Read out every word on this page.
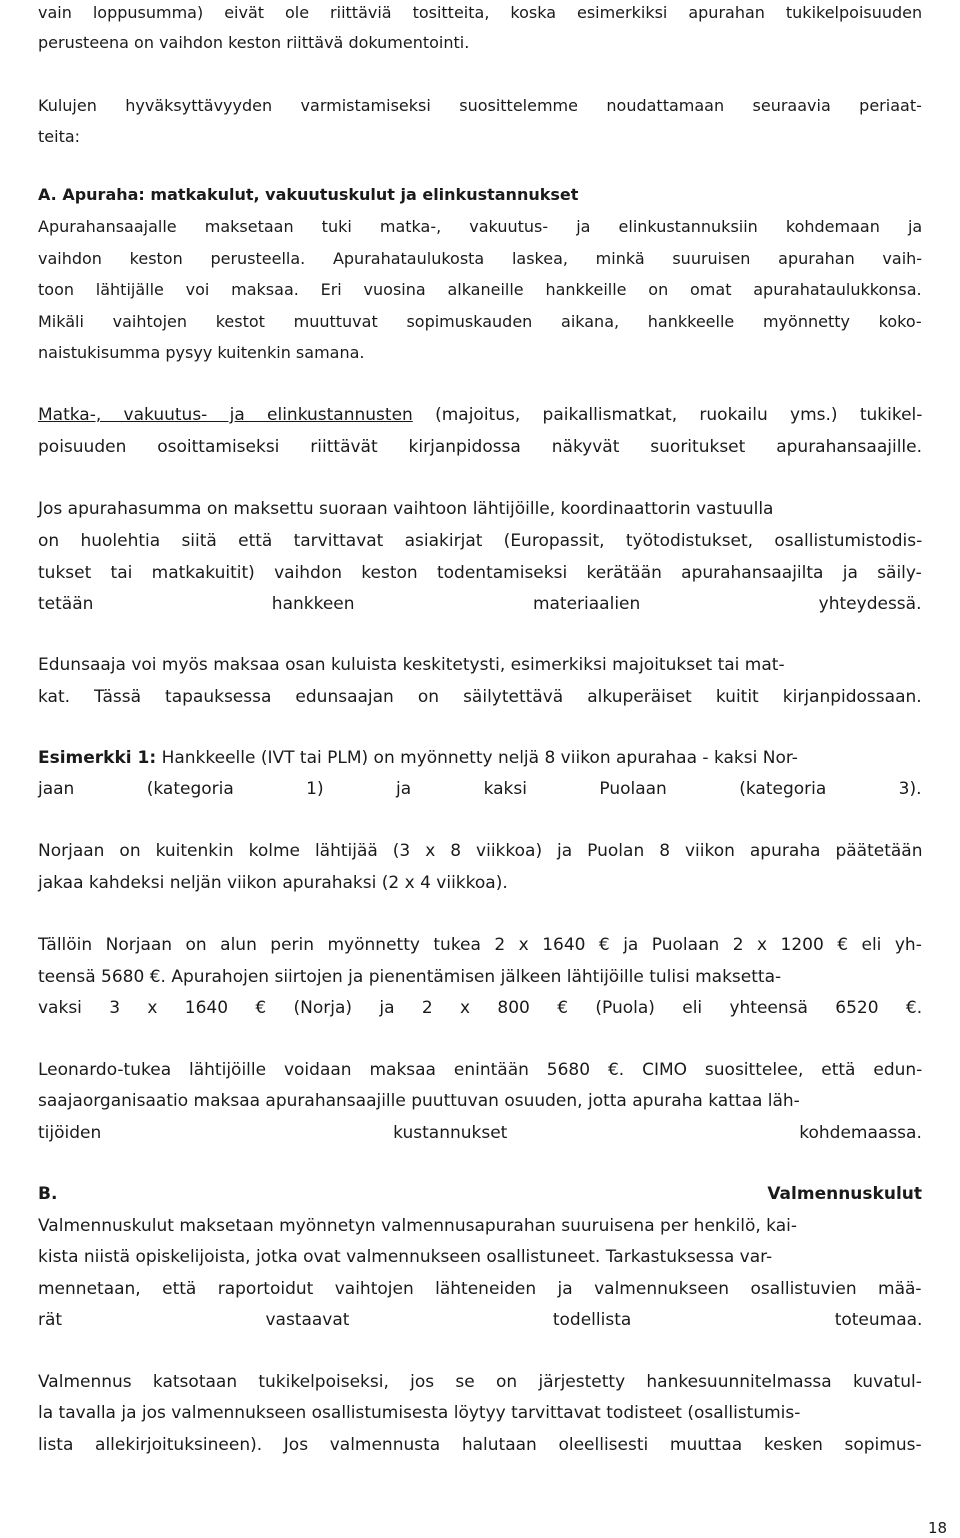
vain loppusumma) eivät ole riittäviä tositteita, koska esimerkiksi apurahan tukikelpoisuuden
perusteena on vaihdon keston riittävä dokumentointi.
Kulujen hyväksyttävyyden varmistamiseksi suosittelemme noudattamaan seuraavia periaat-
teita:
A. Apuraha: matkakulut, vakuutuskulut ja elinkustannukset
Apurahansaajalle maksetaan tuki matka-, vakuutus- ja elinkustannuksiin kohdemaan ja
vaihdon keston perusteella. Apurahataulukosta laskea, minkä suuruisen apurahan vaih-
toon lähtijälle voi maksaa. Eri vuosina alkaneille hankkeille on omat apurahataulukkonsa.
Mikäli vaihtojen kestot muuttuvat sopimuskauden aikana, hankkeelle myönnetty koko-
naistukisumma pysyy kuitenkin samana.
Matka-, vakuutus- ja elinkustannusten (majoitus, paikallismatkat, ruokailu yms.) tukikel-
poisuuden osoittamiseksi riittävät kirjanpidossa näkyvät suoritukset apurahansaajille.
Jos apurahasumma on maksettu suoraan vaihtoon lähtijöille, koordinaattorin vastuulla
on huolehtia siitä että tarvittavat asiakirjat (Europassit, työtodistukset, osallistumistodis-
tukset tai matkakuitit) vaihdon keston todentamiseksi kerätään apurahansaajilta ja säily-
tetään hankkeen materiaalien yhteydessä.
Edunsaaja voi myös maksaa osan kuluista keskitetysti, esimerkiksi majoitukset tai mat-
kat. Tässä tapauksessa edunsaajan on säilytettävä alkuperäiset kuitit kirjanpidossaan.
Esimerkki 1: Hankkeelle (IVT tai PLM) on myönnetty neljä 8 viikon apurahaa - kaksi Nor-
jaan (kategoria 1) ja kaksi Puolaan (kategoria 3).
Norjaan on kuitenkin kolme lähtijää (3 x 8 viikkoa) ja Puolan 8 viikon apuraha päätetään
jakaa kahdeksi neljän viikon apurahaksi (2 x 4 viikkoa).
Tällöin Norjaan on alun perin myönnetty tukea 2 x 1640 € ja Puolaan 2 x 1200 € eli yh-
teensä 5680 €. Apurahojen siirtojen ja pienentämisen jälkeen lähtijöille tulisi maksetta-
vaksi 3 x 1640 € (Norja) ja 2 x 800 € (Puola) eli yhteensä 6520 €.
Leonardo-tukea lähtijöille voidaan maksaa enintään 5680 €. CIMO suosittelee, että edun-
saajaorganisaatio maksaa apurahansaajille puuttuvan osuuden, jotta apuraha kattaa läh-
tijöiden kustannukset kohdemaassa.
B. Valmennuskulut
Valmennuskulut maksetaan myönnetyn valmennusapurahan suuruisena per henkilö, kai-
kista niistä opiskelijoista, jotka ovat valmennukseen osallistuneet. Tarkastuksessa var-
mennetaan, että raportoidut vaihtojen lähteneiden ja valmennukseen osallistuvien mää-
rät vastaavat todellista toteumaa.
Valmennus katsotaan tukikelpoiseksi, jos se on järjestetty hankesuunnitelmassa kuvatul-
la tavalla ja jos valmennukseen osallistumisesta löytyy tarvittavat todisteet (osallistumis-
lista allekirjoituksineen). Jos valmennusta halutaan oleellisesti muuttaa kesken sopimus-
18
